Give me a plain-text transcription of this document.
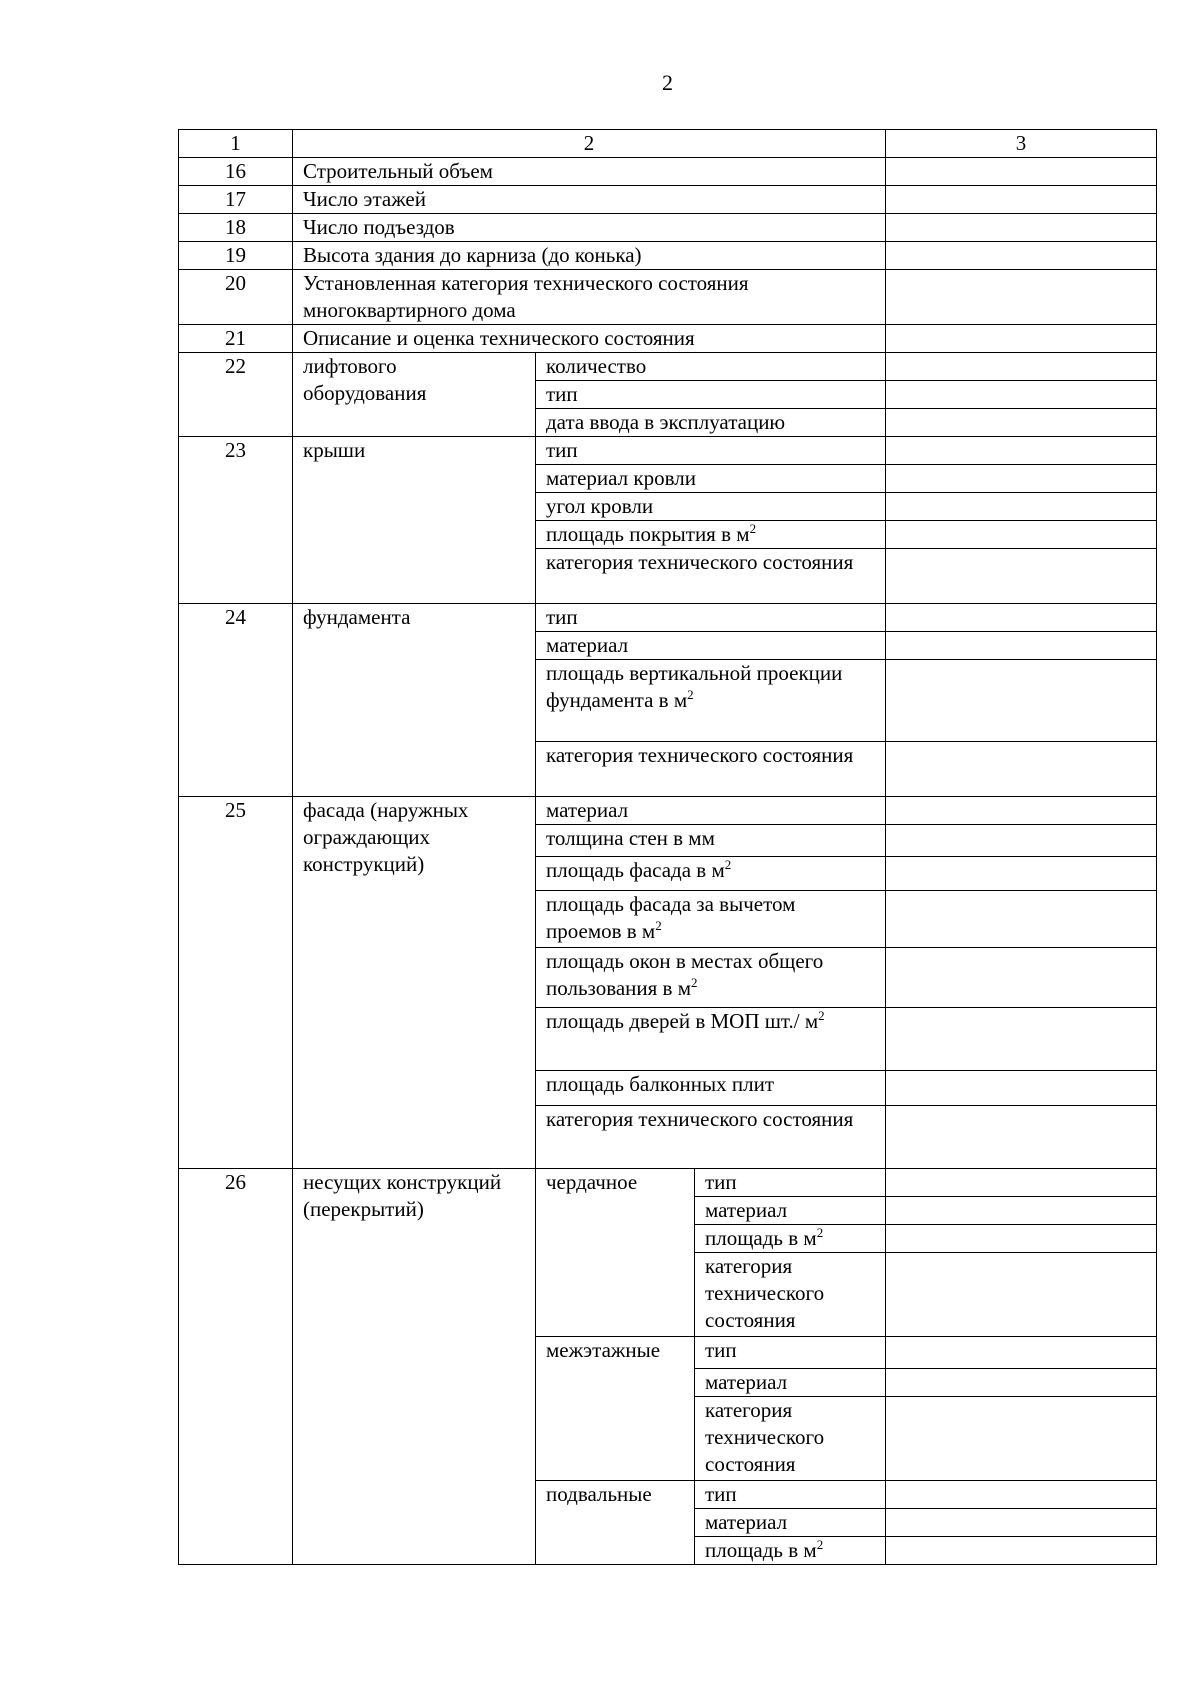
2
1	2			3
16	Строительный объем			
17	Число этажей			
18	Число подъездов			
19	Высота здания до карниза (до конька)			
20	Установленная категория технического состояния многоквартирного дома			
21	Описание и оценка технического состояния			
22	лифтового оборудования	количество		
		тип		
		дата ввода в эксплуатацию		
23	крыши	тип		
		материал кровли		
		угол кровли		
		площадь покрытия в $м^2$	
		категория технического состояния		
24	фундамента	тип		
		материал		
		площадь вертикальной проекции фундамента в $м^2$	
		категория технического состояния		
25	фасада (наружных ограждающих конструкций)	материал		
		толщина стен в мм		
		площадь фасада в $м^2$	
		площадь фасада за вычетом проемов в $м^2$	
		площадь окон в местах общего пользования в $м^2$	
		площадь дверей в МОП шт./ $м^2$	
		площадь балконных плит		
		категория технического состояния		
26	несущих конструкций (перекрытий)	чердачное	тип	
			материал	
			площадь в $м^2$	
			категория технического состояния	
		межэтажные	тип	
			материал	
			категория технического состояния	
		подвальные	тип	
			материал	
			площадь в $м^2$	
